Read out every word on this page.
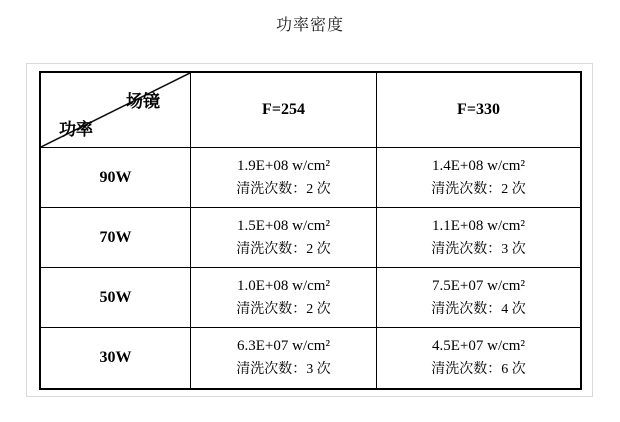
功率密度
场镜
功率
F=254	F=330
90W
1.9E+08 w/cm²
清洗次数：2 次
1.4E+08 w/cm²
清洗次数：2 次
70W
1.5E+08 w/cm²
清洗次数：2 次
1.1E+08 w/cm²
清洗次数：3 次
50W
1.0E+08 w/cm²
清洗次数：2 次
7.5E+07 w/cm²
清洗次数：4 次
30W
6.3E+07 w/cm²
清洗次数：3 次
4.5E+07 w/cm²
清洗次数：6 次
